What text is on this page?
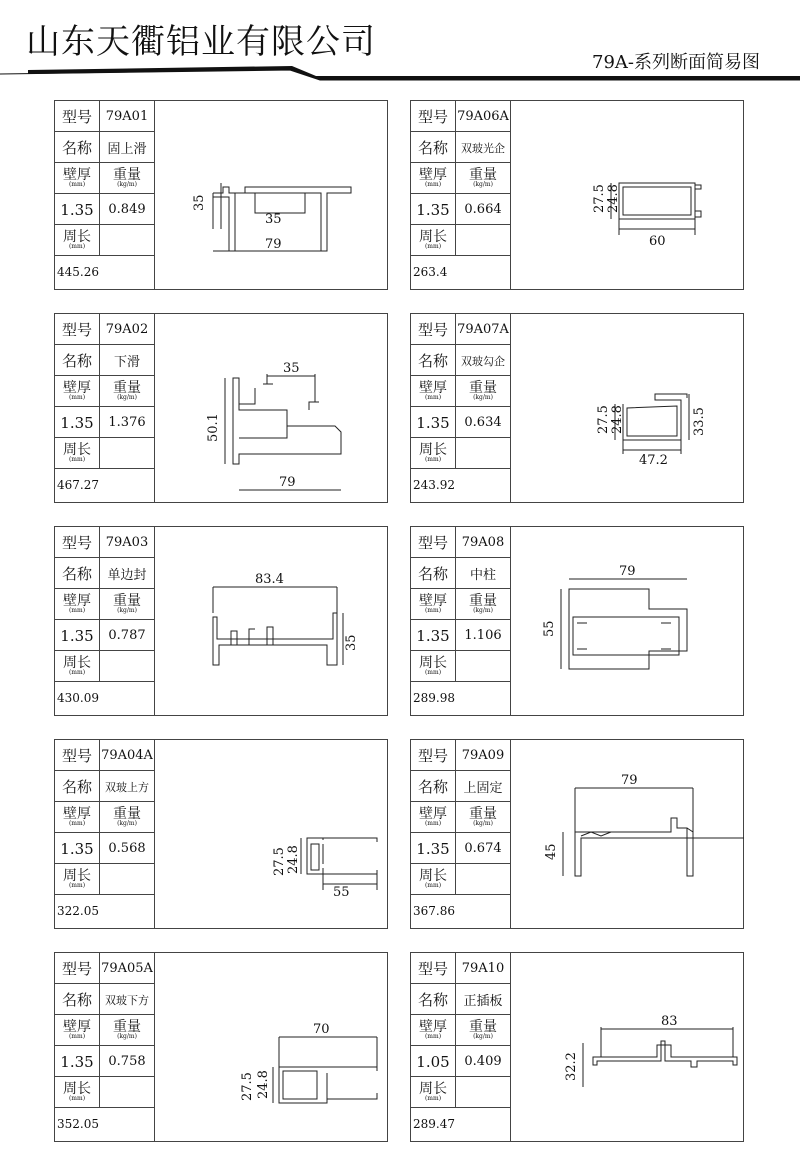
山东天衢铝业有限公司
79A-系列断面简易图
型号	79A01
名称	固上滑
壁厚
(mm)
重量
(kg/m)
1.35	0.849
周长
(mm)
445.26
35
35
79
型号 79A06A
名称	双玻光企
壁厚
(mm)
重量
(kg/m)
1.35	0.664
周长
(mm)
263.4
27.5 24.8
60
型号	79A02
名称	下滑
壁厚
(mm)
重量
(kg/m)
1.35	1.376
周长
(mm)
467.27
35
50.1
79
型号 79A07A
名称	双玻勾企
壁厚
(mm)
重量
(kg/m)
1.35	0.634
周长
(mm)
243.92
27.5 24.8	33.5
47.2
型号	79A03
名称	单边封
壁厚
(mm)
重量
(kg/m)
1.35	0.787
周长
(mm)
430.09
83.4
35
型号	79A08
名称	中柱
壁厚
(mm)
重量
(kg/m)
1.35	1.106
周长
(mm)
289.98
79
55
型号 79A04A
名称	双玻上方
壁厚
(mm)
重量
(kg/m)
1.35	0.568
周长
(mm)
322.05
27.5 24.8
55
型号	79A09
名称	上固定
壁厚
(mm)
重量
(kg/m)
1.35	0.674
周长
(mm)
367.86
79
45
型号 79A05A
名称	双玻下方
壁厚
(mm)
重量
(kg/m)
1.35	0.758
周长
(mm)
352.05
70
27.5 24.8
型号	79A10
名称	正插板
壁厚
(mm)
重量
(kg/m)
1.05	0.409
周长
(mm)
289.47
83
32.2
